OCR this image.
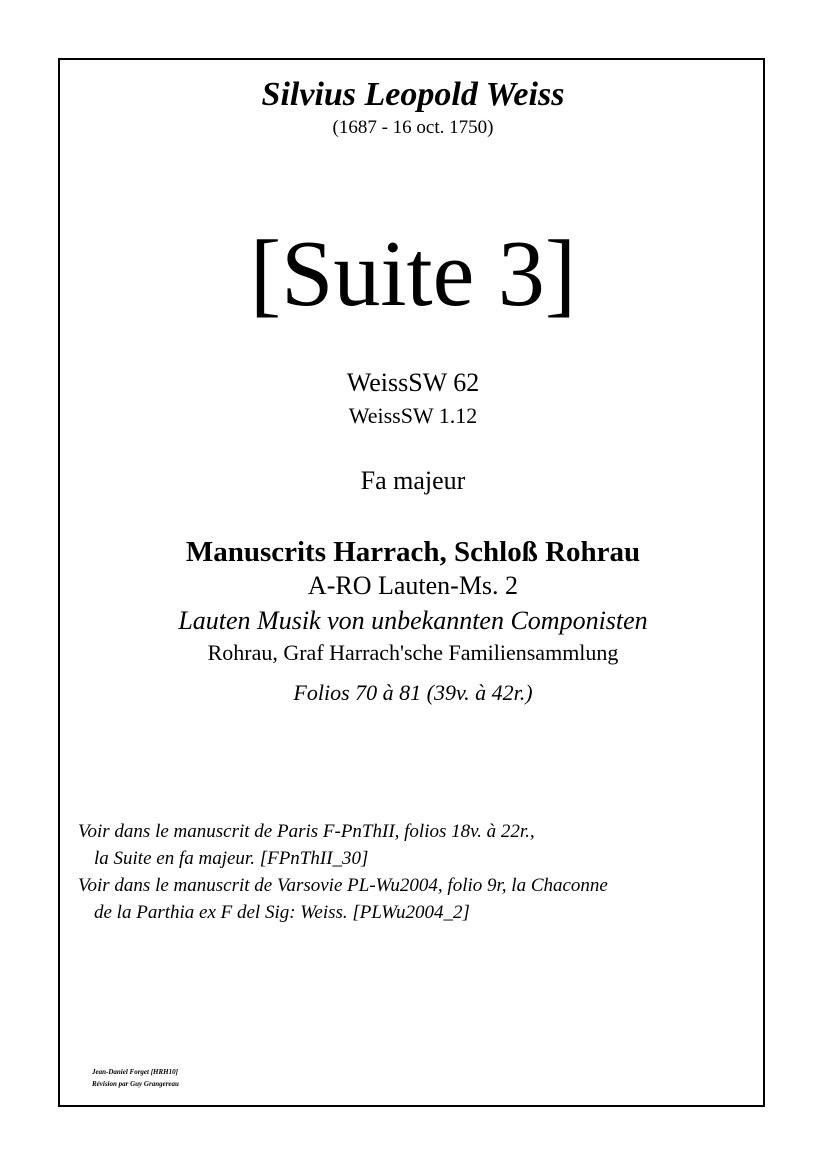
Silvius Leopold Weiss
(1687 - 16 oct. 1750)
[Suite 3]
WeissSW 62
WeissSW 1.12
Fa majeur
Manuscrits Harrach, Schloß Rohrau
A-RO Lauten-Ms. 2
Lauten Musik von unbekannten Componisten
Rohrau, Graf Harrach'sche Familiensammlung
Folios 70 à 81 (39v. à 42r.)
Voir dans le manuscrit de Paris F-PnThII, folios 18v. à 22r.,
la Suite en fa majeur. [FPnThII_30]
Voir dans le manuscrit de Varsovie PL-Wu2004, folio 9r, la Chaconne
de la Parthia ex F del Sig: Weiss. [PLWu2004_2]
Jean-Daniel Forget [HRH10]
Révision par Guy Grangereau
